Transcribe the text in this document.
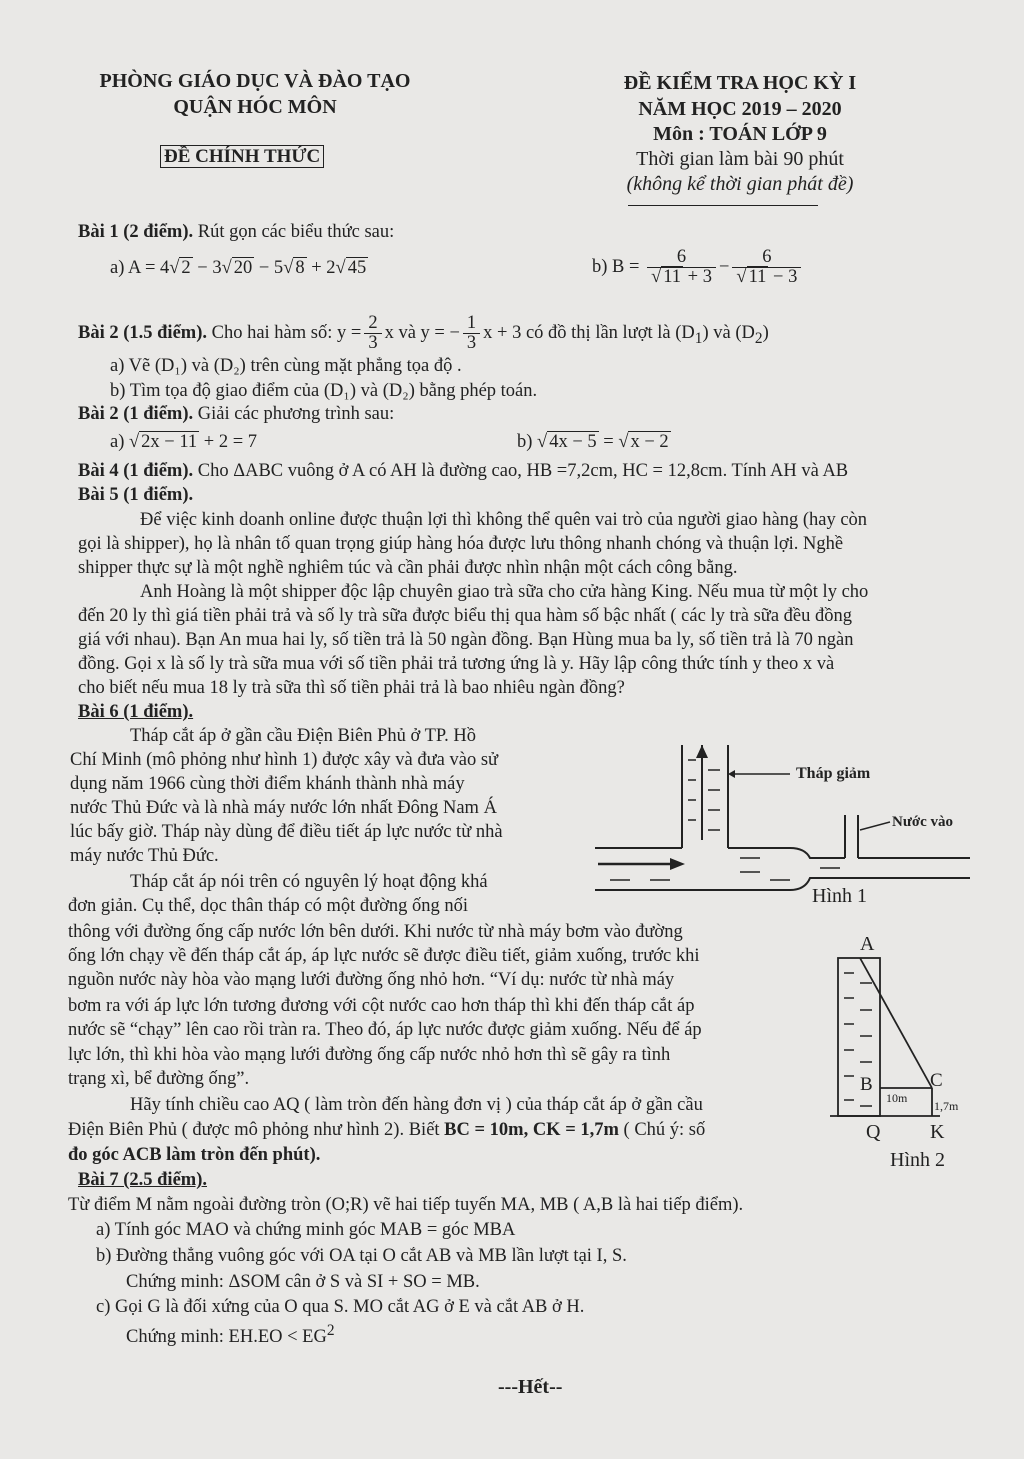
PHÒNG GIÁO DỤC VÀ ĐÀO TẠO
QUẬN HÓC MÔN
ĐỀ CHÍNH THỨC
ĐỀ KIỂM TRA HỌC KỲ I
NĂM HỌC 2019 – 2020
Môn : TOÁN LỚP 9
Thời gian làm bài 90 phút
(không kể thời gian phát đề)
Bài 1 (2 điểm). Rút gọn các biểu thức sau:
a) A = 4√ 2 − 3√ 20 − 5√ 8 + 2√ 45	b) $B = \frac{6}{√ 11 + 3} - \frac{6}{√ 11 - 3}$
Bài 2 (1.5 điểm). Cho hai hàm số: $y = \frac{2}{3}$ x và y = − $\frac{1}{3}$ x + 3 có đồ thị lần lượt là $(D_1)$ và $(D_2)$
a) Vẽ (D₁) và (D₂) trên cùng mặt phẳng tọa độ .
b) Tìm tọa độ giao điểm của (D₁) và (D₂) bằng phép toán.
Bài 2 (1 điểm). Giải các phương trình sau:
a) √ 2x − 11 + 2 = 7	b) √ 4x − 5 = √ x − 2
Bài 4 (1 điểm). Cho ΔABC vuông ở A có AH là đường cao, HB =7,2cm, HC = 12,8cm. Tính AH và AB
Bài 5 (1 điểm).
Để việc kinh doanh online được thuận lợi thì không thể quên vai trò của người giao hàng (hay còn
gọi là shipper), họ là nhân tố quan trọng giúp hàng hóa được lưu thông nhanh chóng và thuận lợi. Nghề
shipper thực sự là một nghề nghiêm túc và cần phải được nhìn nhận một cách công bằng.
Anh Hoàng là một shipper độc lập chuyên giao trà sữa cho cửa hàng King. Nếu mua từ một ly cho
đến 20 ly thì giá tiền phải trả và số ly trà sữa được biểu thị qua hàm số bậc nhất ( các ly trà sữa đều đồng
giá với nhau). Bạn An mua hai ly, số tiền trả là 50 ngàn đồng. Bạn Hùng mua ba ly, số tiền trả là 70 ngàn
đồng. Gọi x là số ly trà sữa mua với số tiền phải trả tương ứng là y. Hãy lập công thức tính y theo x và
cho biết nếu mua 18 ly trà sữa thì số tiền phải trả là bao nhiêu ngàn đồng?
Bài 6 (1 điểm).
Tháp cắt áp ở gần cầu Điện Biên Phủ ở TP. Hồ
Chí Minh (mô phỏng như hình 1) được xây và đưa vào sử
dụng năm 1966 cùng thời điểm khánh thành nhà máy
nước Thủ Đức và là nhà máy nước lớn nhất Đông Nam Á
lúc bấy giờ. Tháp này dùng để điều tiết áp lực nước từ nhà
máy nước Thủ Đức.
Tháp cắt áp nói trên có nguyên lý hoạt động khá
đơn giản. Cụ thể, dọc thân tháp có một đường ống nối
thông với đường ống cấp nước lớn bên dưới. Khi nước từ nhà máy bơm vào đường
ống lớn chạy về đến tháp cắt áp, áp lực nước sẽ được điều tiết, giảm xuống, trước khi
nguồn nước này hòa vào mạng lưới đường ống nhỏ hơn. “Ví dụ: nước từ nhà máy
bơm ra với áp lực lớn tương đương với cột nước cao hơn tháp thì khi đến tháp cắt áp
nước sẽ “chạy” lên cao rồi tràn ra. Theo đó, áp lực nước được giảm xuống. Nếu để áp
lực lớn, thì khi hòa vào mạng lưới đường ống cấp nước nhỏ hơn thì sẽ gây ra tình
trạng xì, bể đường ống”.
Hãy tính chiều cao AQ ( làm tròn đến hàng đơn vị ) của tháp cắt áp ở gần cầu
Điện Biên Phủ ( được mô phỏng như hình 2). Biết BC = 10m, CK = 1,7m ( Chú ý: số
đo góc ACB làm tròn đến phút).
Tháp giảm
Nước vào
Hình 1
A
B	C
10m
1,7m
Q K
Hình 2
Bài 7 (2.5 điểm).
Từ điểm M nằm ngoài đường tròn (O;R) vẽ hai tiếp tuyến MA, MB ( A,B là hai tiếp điểm).
a) Tính góc MAO và chứng minh góc MAB = góc MBA
b) Đường thẳng vuông góc với OA tại O cắt AB và MB lần lượt tại I, S.
Chứng minh: ΔSOM cân ở S và SI + SO = MB.
c) Gọi G là đối xứng của O qua S. MO cắt AG ở E và cắt AB ở H.
Chứng minh: $EH.EO < EG^2$
---Hết--
